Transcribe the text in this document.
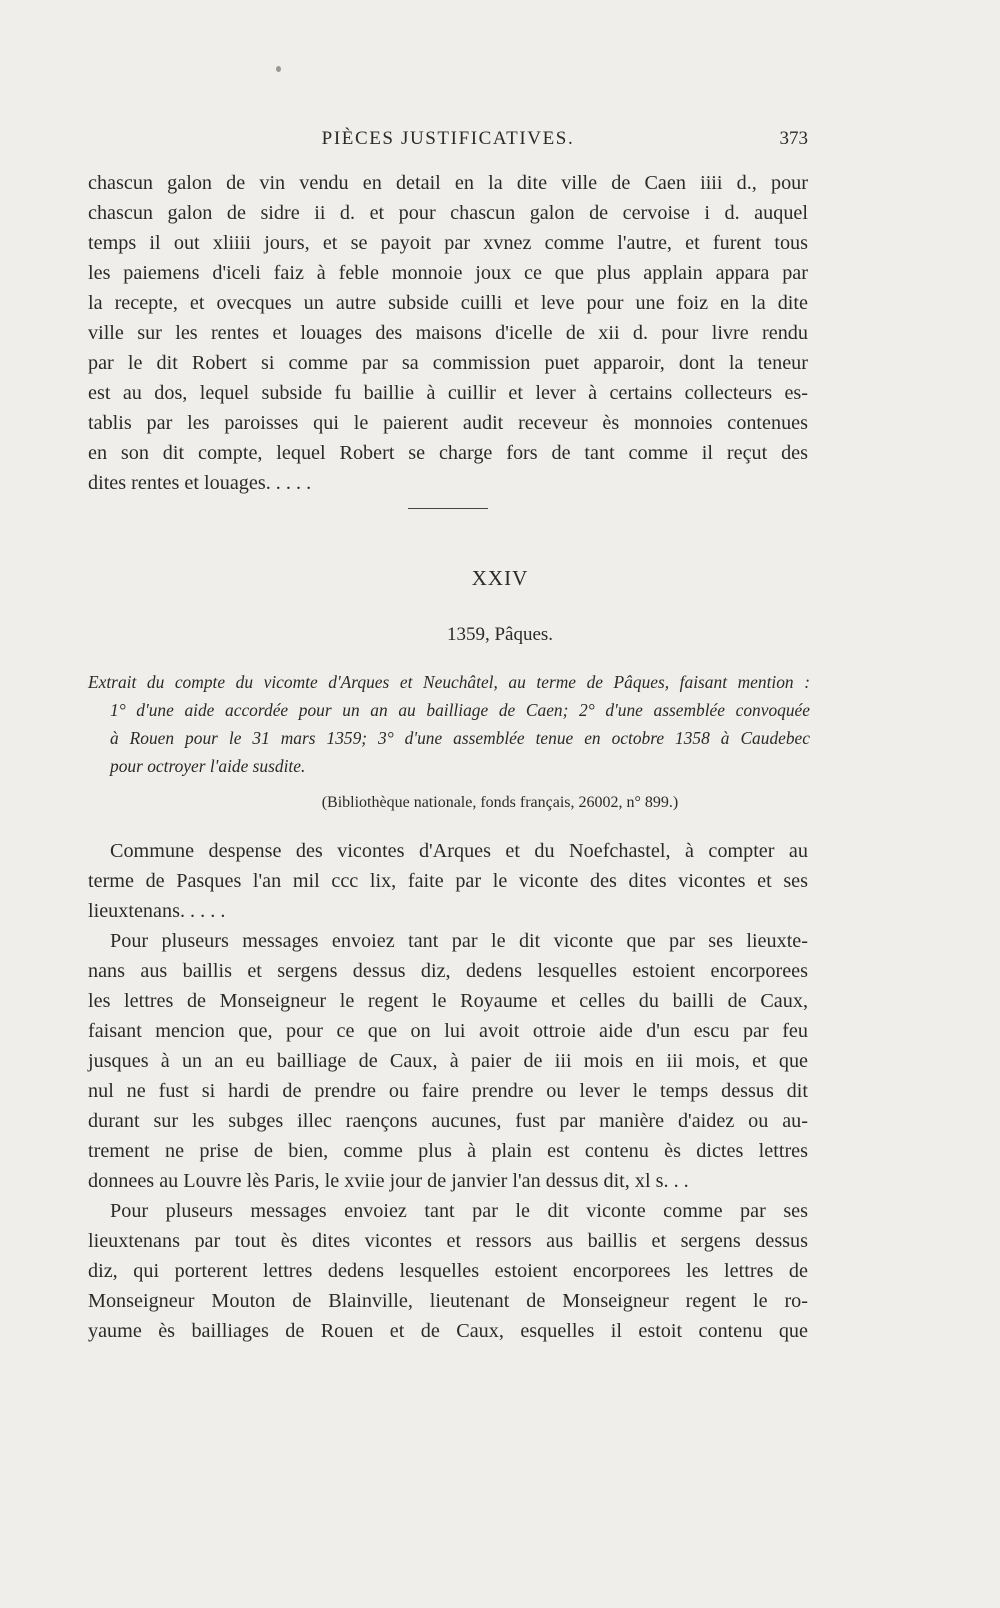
PIÈCES JUSTIFICATIVES.	373
chascun galon de vin vendu en detail en la dite ville de Caen iiii d., pour
chascun galon de sidre ii d. et pour chascun galon de cervoise i d. auquel
temps il out xliiii jours, et se payoit par xvnez comme l'autre, et furent tous
les paiemens d'iceli faiz à feble monnoie joux ce que plus applain appara par
la recepte, et ovecques un autre subside cuilli et leve pour une foiz en la dite
ville sur les rentes et louages des maisons d'icelle de xii d. pour livre rendu
par le dit Robert si comme par sa commission puet apparoir, dont la teneur
est au dos, lequel subside fu baillie à cuillir et lever à certains collecteurs es-
tablis par les paroisses qui le paierent audit receveur ès monnoies contenues
en son dit compte, lequel Robert se charge fors de tant comme il reçut des
dites rentes et louages. . . . .
XXIV
1359, Pâques.
Extrait du compte du vicomte d'Arques et Neuchâtel, au terme de Pâques, faisant mention :
1° d'une aide accordée pour un an au bailliage de Caen; 2° d'une assemblée convoquée
à Rouen pour le 31 mars 1359; 3° d'une assemblée tenue en octobre 1358 à Caudebec
pour octroyer l'aide susdite.
(Bibliothèque nationale, fonds français, 26002, n° 899.)
Commune despense des vicontes d'Arques et du Noefchastel, à compter au
terme de Pasques l'an mil ccc lix, faite par le viconte des dites vicontes et ses
lieuxtenans. . . . .
Pour pluseurs messages envoiez tant par le dit viconte que par ses lieuxte-
nans aus baillis et sergens dessus diz, dedens lesquelles estoient encorporees
les lettres de Monseigneur le regent le Royaume et celles du bailli de Caux,
faisant mencion que, pour ce que on lui avoit ottroie aide d'un escu par feu
jusques à un an eu bailliage de Caux, à paier de iii mois en iii mois, et que
nul ne fust si hardi de prendre ou faire prendre ou lever le temps dessus dit
durant sur les subges illec raençons aucunes, fust par manière d'aidez ou au-
trement ne prise de bien, comme plus à plain est contenu ès dictes lettres
donnees au Louvre lès Paris, le xviie jour de janvier l'an dessus dit, xl s. . .
Pour pluseurs messages envoiez tant par le dit viconte comme par ses
lieuxtenans par tout ès dites vicontes et ressors aus baillis et sergens dessus
diz, qui porterent lettres dedens lesquelles estoient encorporees les lettres de
Monseigneur Mouton de Blainville, lieutenant de Monseigneur regent le ro-
yaume ès bailliages de Rouen et de Caux, esquelles il estoit contenu que
